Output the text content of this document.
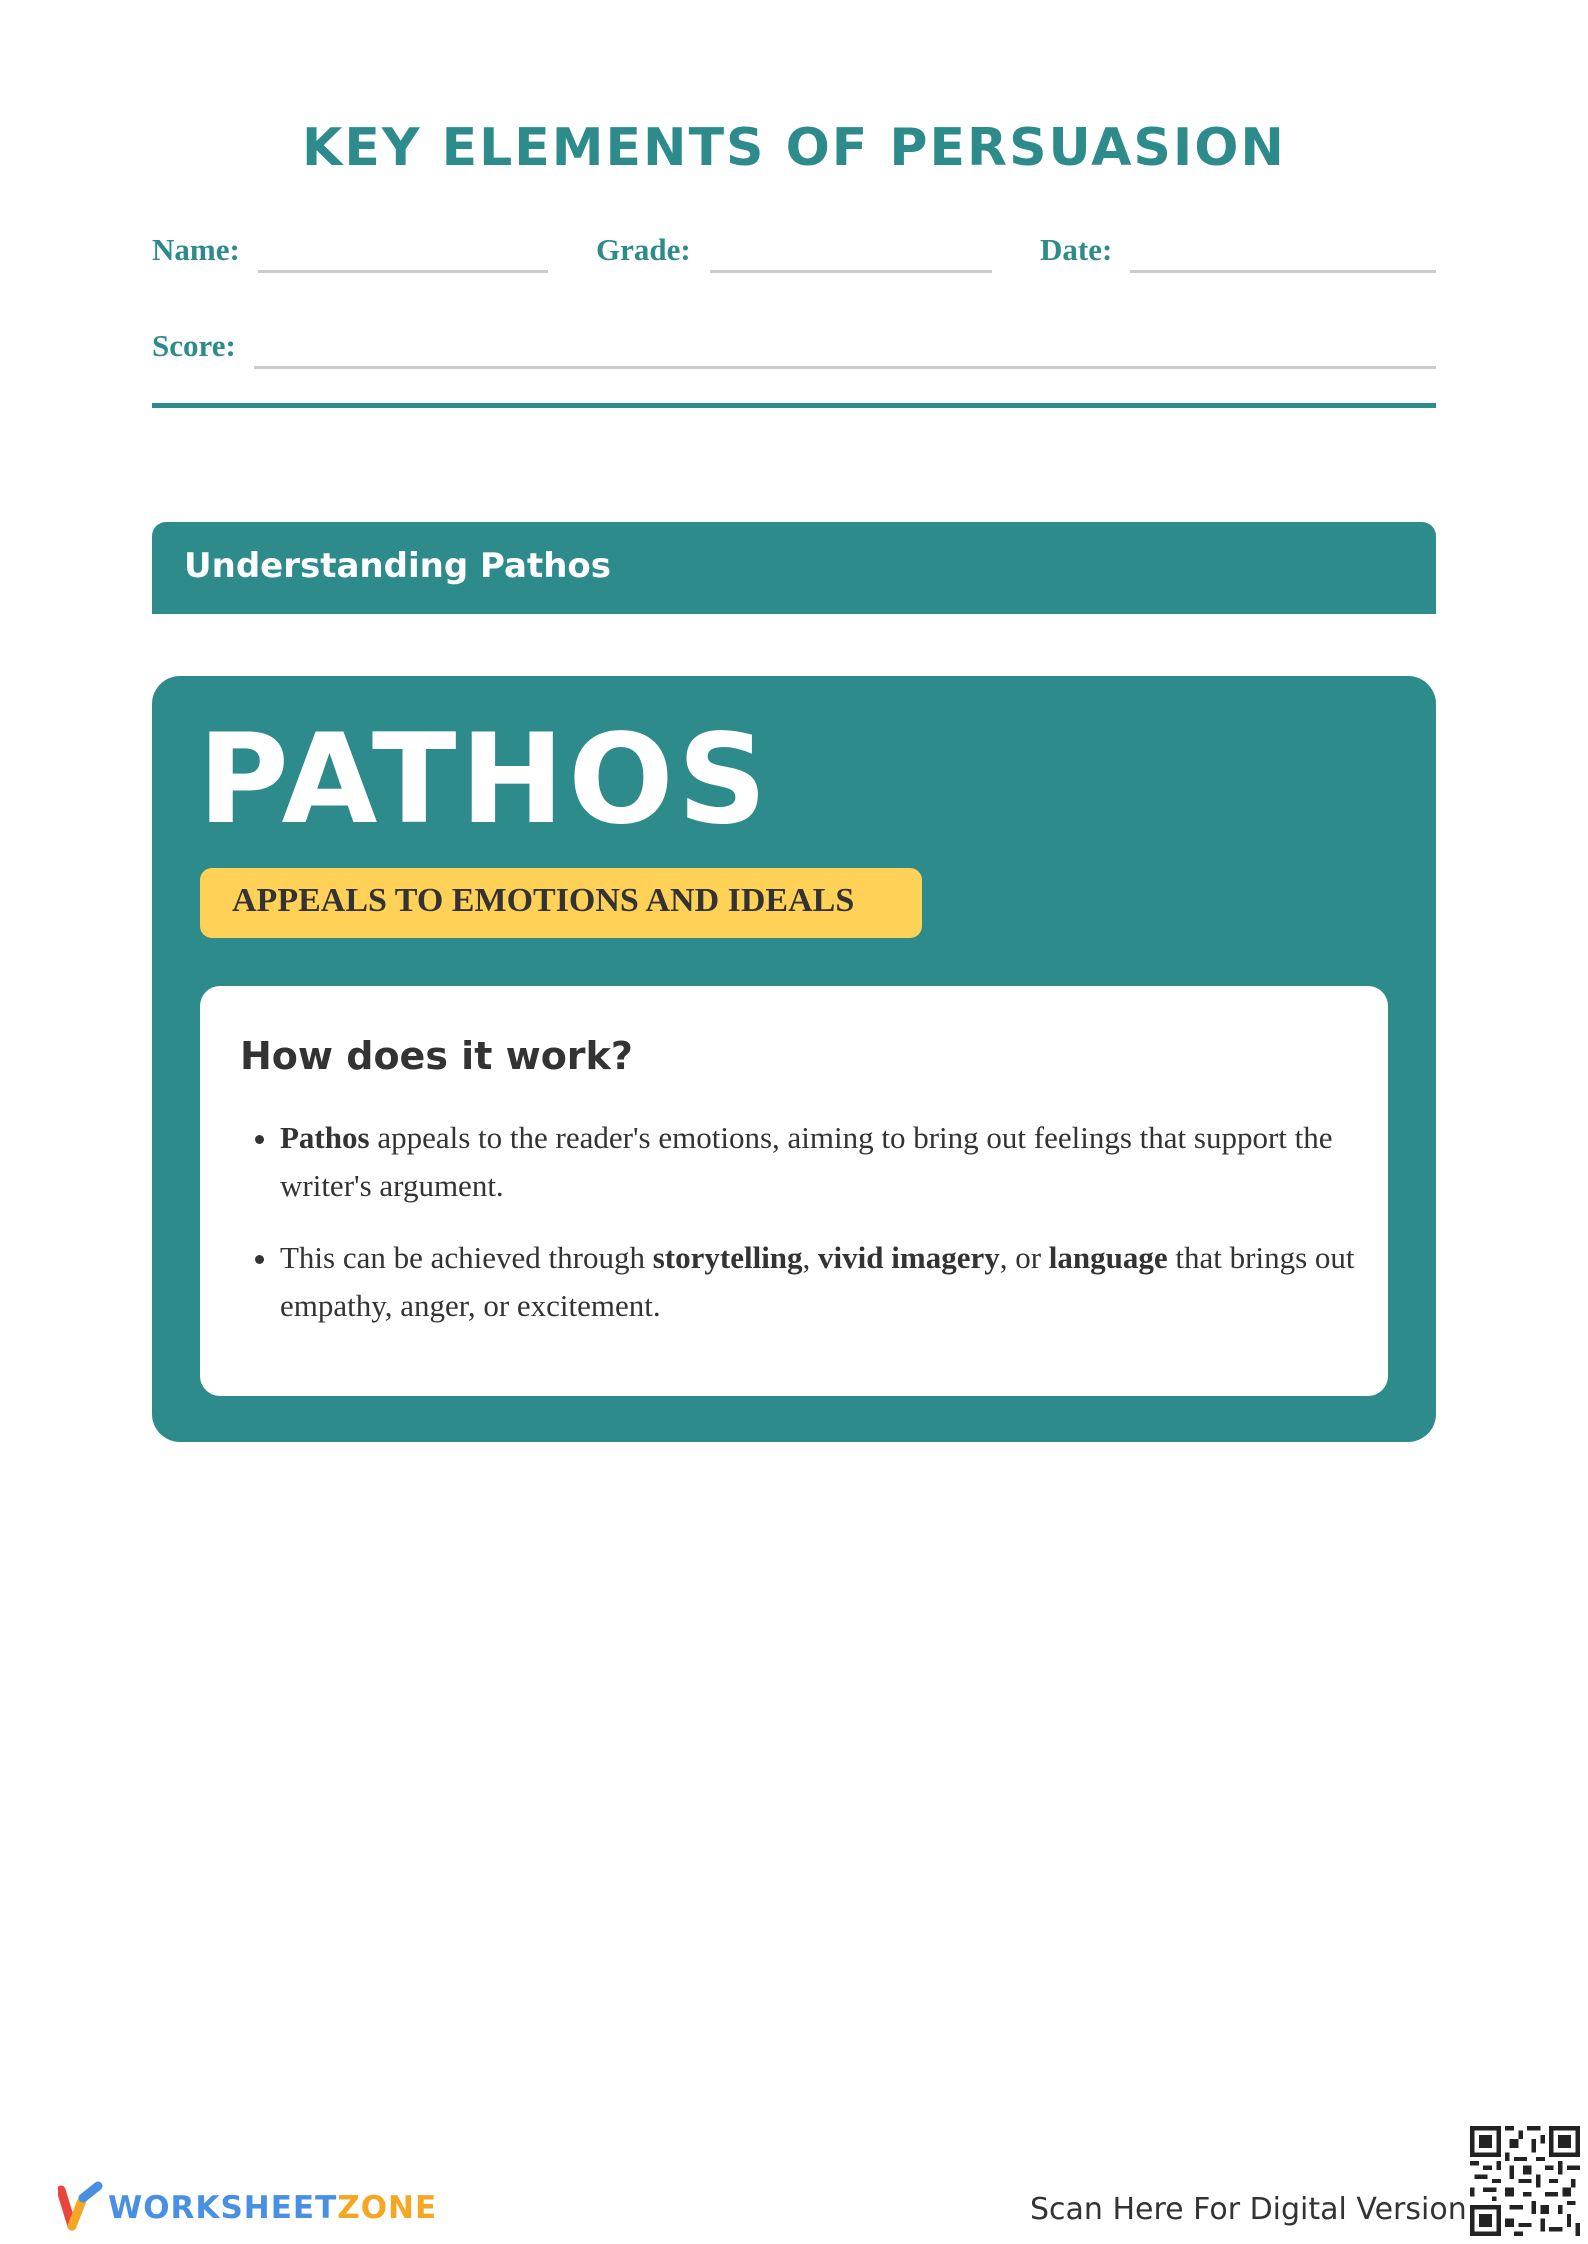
KEY ELEMENTS OF PERSUASION
Name:	Grade:	Date:
Score:
Understanding Pathos
PATHOS
APPEALS TO EMOTIONS AND IDEALS
How does it work?
• Pathos appeals to the reader's emotions, aiming to bring out feelings that support the writer's argument.
• This can be achieved through storytelling, vivid imagery, or language that brings out empathy, anger, or excitement.
WORKSHEETZONE	Scan Here For Digital Version
